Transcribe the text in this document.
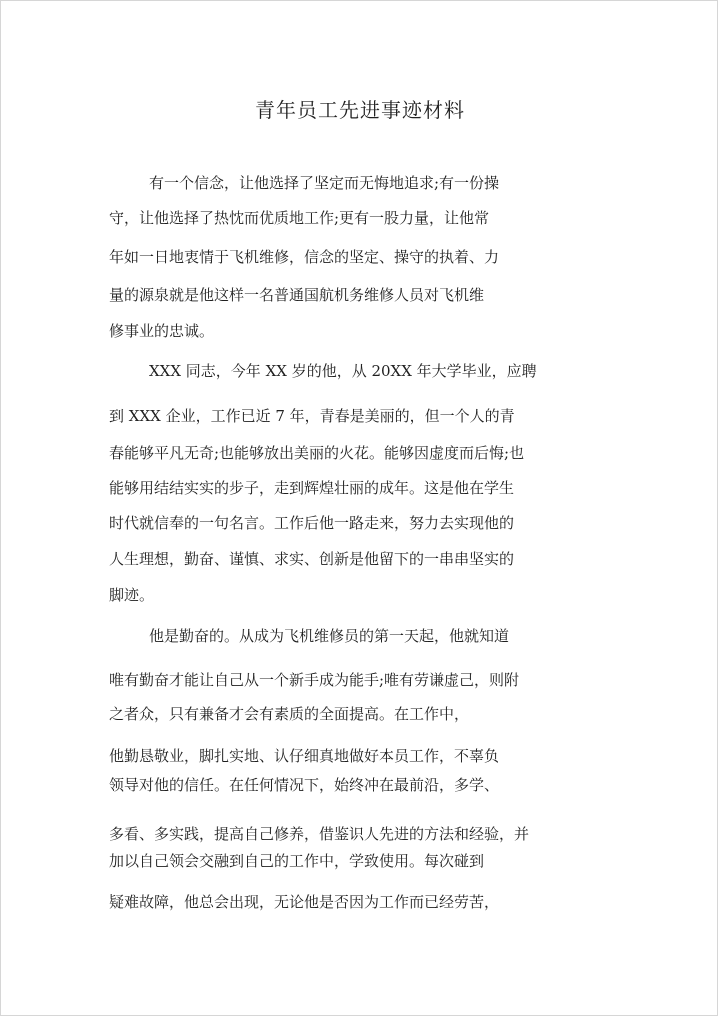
青年员工先进事迹材料
有一个信念，让他选择了坚定而无悔地追求;有一份操
守，让他选择了热忱而优质地工作;更有一股力量，让他常
年如一日地衷情于飞机维修，信念的坚定、操守的执着、力
量的源泉就是他这样一名普通国航机务维修人员对飞机维
修事业的忠诚。
XXX 同志，今年 XX 岁的他，从 20XX 年大学毕业，应聘
到 XXX 企业，工作已近 7 年，青春是美丽的，但一个人的青
春能够平凡无奇;也能够放出美丽的火花。能够因虚度而后悔;也
能够用结结实实的步子，走到辉煌壮丽的成年。这是他在学生
时代就信奉的一句名言。工作后他一路走来，努力去实现他的
人生理想，勤奋、谨慎、求实、创新是他留下的一串串坚实的
脚迹。
他是勤奋的。从成为飞机维修员的第一天起，他就知道
唯有勤奋才能让自己从一个新手成为能手;唯有劳谦虚己，则附
之者众，只有兼备才会有素质的全面提高。在工作中，
他勤恳敬业，脚扎实地、认仔细真地做好本员工作，不辜负
领导对他的信任。在任何情况下，始终冲在最前沿，多学、
多看、多实践，提高自己修养，借鉴识人先进的方法和经验，并
加以自己领会交融到自己的工作中，学致使用。每次碰到
疑难故障，他总会出现，无论他是否因为工作而已经劳苦，
